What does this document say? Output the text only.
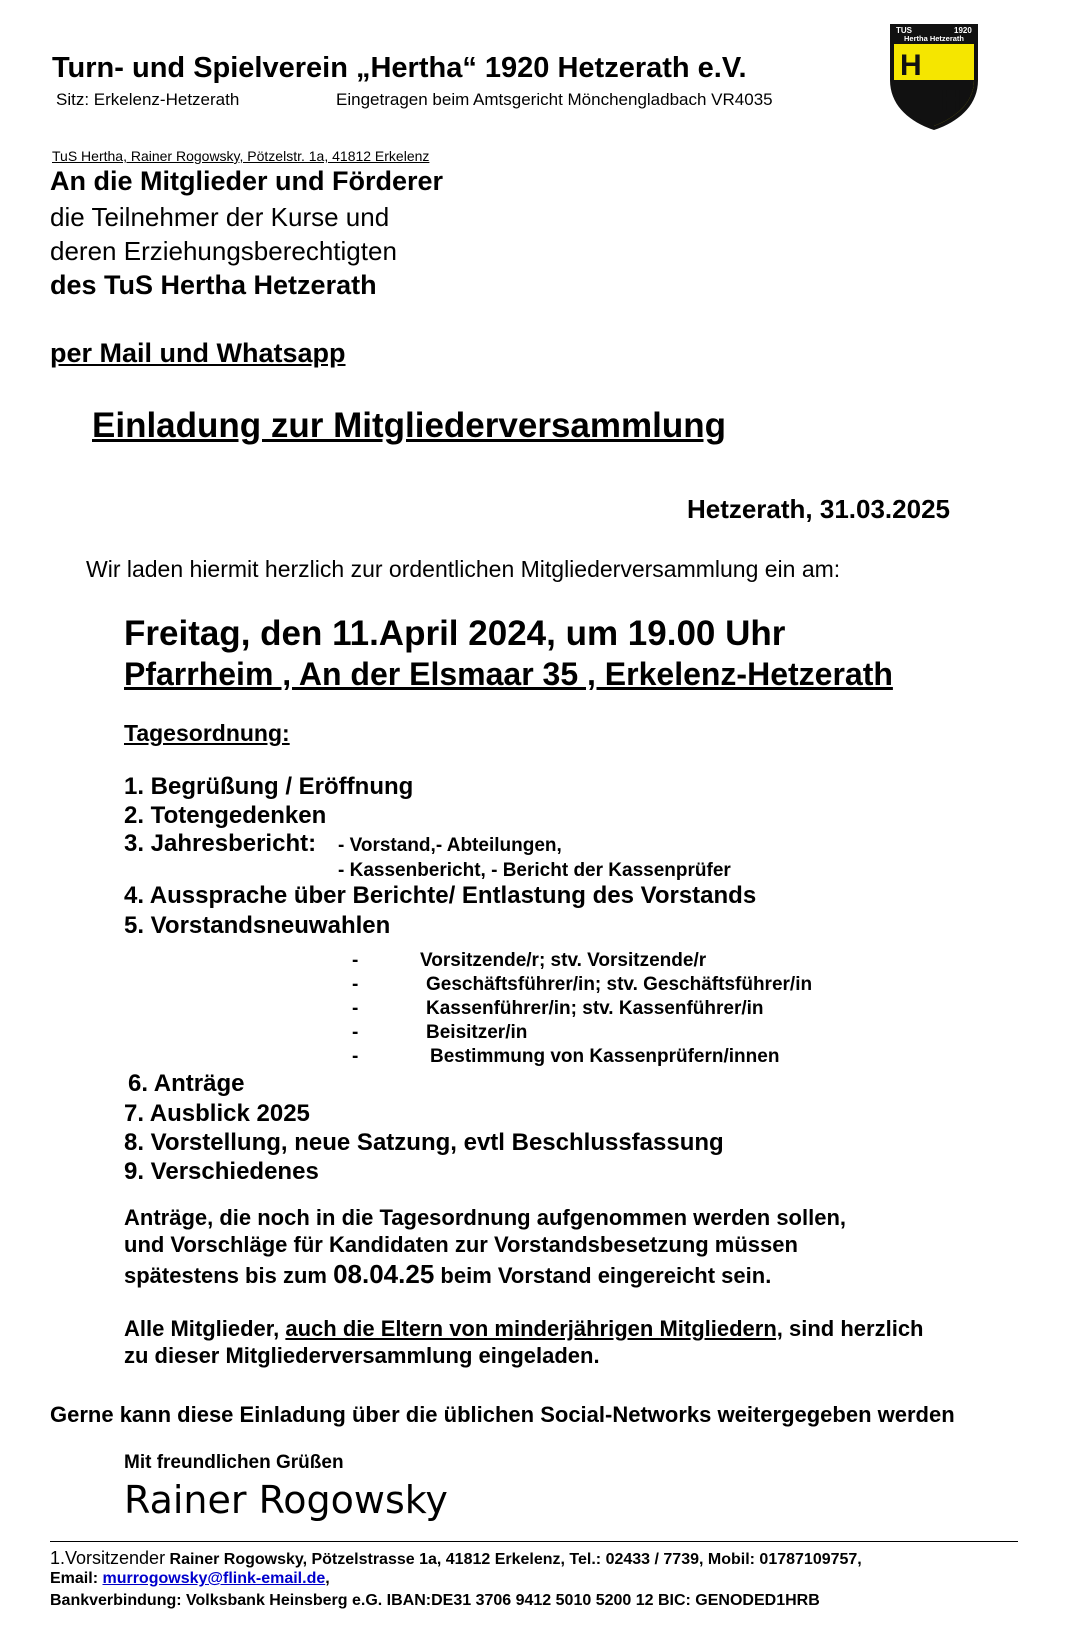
Turn- und Spielverein „Hertha“ 1920 Hetzerath e.V.
Sitz: Erkelenz-Hetzerath	Eingetragen beim Amtsgericht Mönchengladbach VR4035
TUS	1920
Hertha Hetzerath
H
H
TuS Hertha, Rainer Rogowsky, Pötzelstr. 1a, 41812 Erkelenz
An die Mitglieder und Förderer
die Teilnehmer der Kurse und
deren Erziehungsberechtigten
des TuS Hertha Hetzerath
per Mail und Whatsapp
Einladung zur Mitgliederversammlung
Hetzerath, 31.03.2025
Wir laden hiermit herzlich zur ordentlichen Mitgliederversammlung ein am:
Freitag, den 11.April 2024, um 19.00 Uhr
Pfarrheim , An der Elsmaar 35 , Erkelenz-Hetzerath
Tagesordnung:
1. Begrüßung / Eröffnung
2. Totengedenken
3. Jahresbericht: - Vorstand,- Abteilungen,
- Kassenbericht, - Bericht der Kassenprüfer
4. Aussprache über Berichte/ Entlastung des Vorstands
5. Vorstandsneuwahlen
-	Vorsitzende/r; stv. Vorsitzende/r
-	Geschäftsführer/in; stv. Geschäftsführer/in
-	Kassenführer/in; stv. Kassenführer/in
-	Beisitzer/in
-	Bestimmung von Kassenprüfern/innen
6. Anträge
7. Ausblick 2025
8. Vorstellung, neue Satzung, evtl Beschlussfassung
9. Verschiedenes
Anträge, die noch in die Tagesordnung aufgenommen werden sollen,
und Vorschläge für Kandidaten zur Vorstandsbesetzung müssen
spätestens bis zum 08.04.25 beim Vorstand eingereicht sein.
Alle Mitglieder, auch die Eltern von minderjährigen Mitgliedern, sind herzlich
zu dieser Mitgliederversammlung eingeladen.
Gerne kann diese Einladung über die üblichen Social-Networks weitergegeben werden
Mit freundlichen Grüßen
Rainer Rogowsky
1.Vorsitzender Rainer Rogowsky, Pötzelstrasse 1a, 41812 Erkelenz, Tel.: 02433 / 7739, Mobil: 01787109757,
Email: murrogowsky@flink-email.de,
Bankverbindung: Volksbank Heinsberg e.G. IBAN:DE31 3706 9412 5010 5200 12 BIC: GENODED1HRB
